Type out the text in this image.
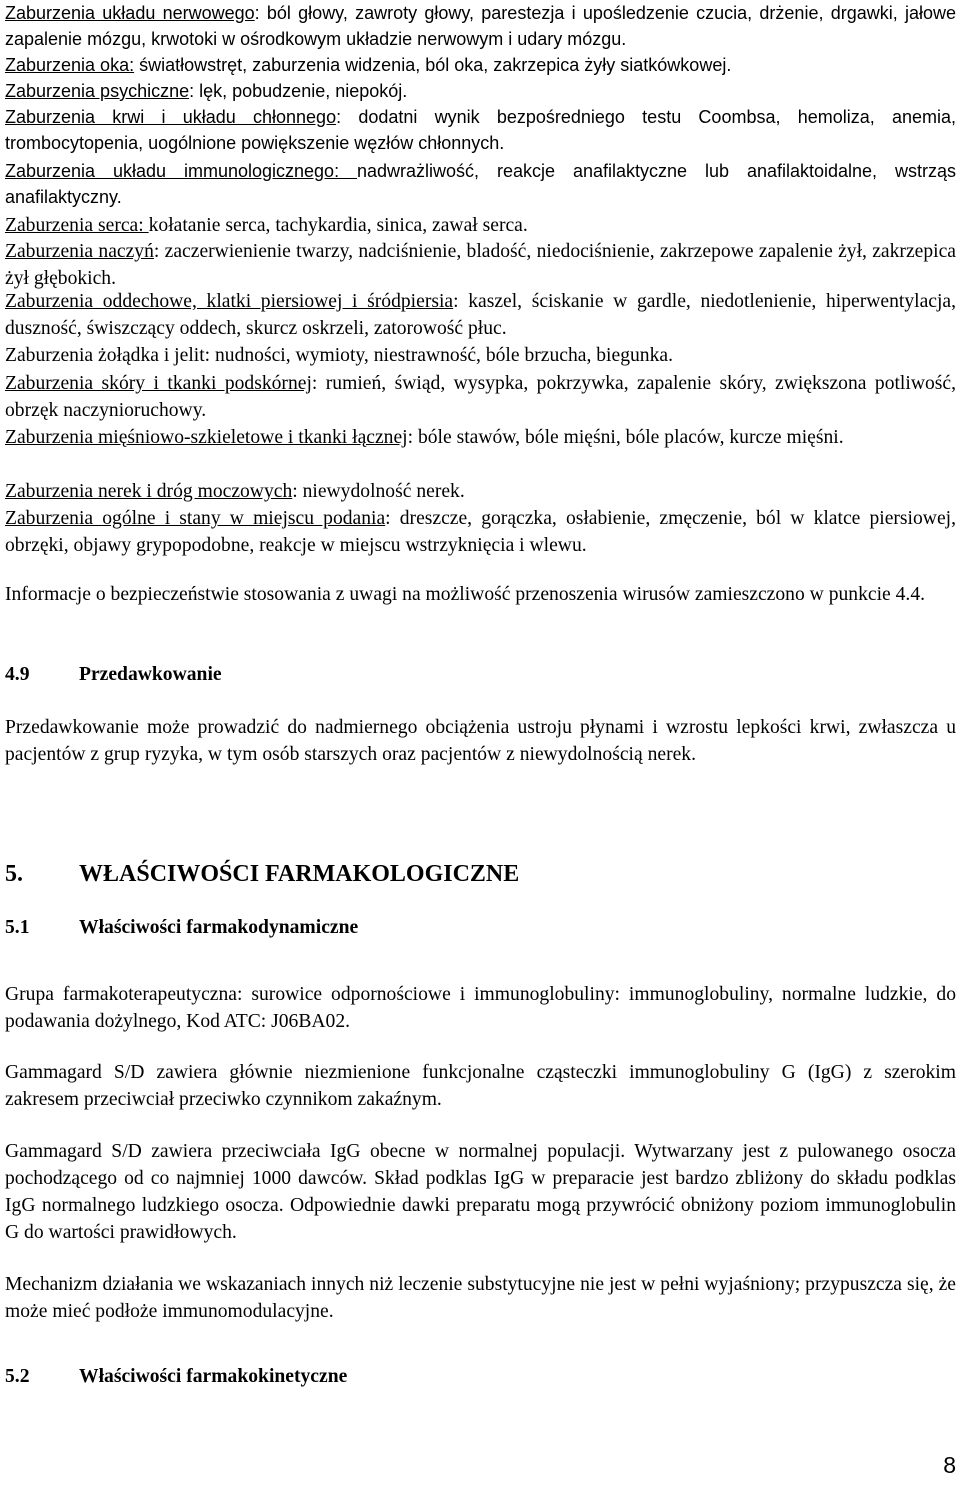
Zaburzenia układu nerwowego: ból głowy, zawroty głowy, parestezja i upośledzenie czucia, drżenie, drgawki, jałowe zapalenie mózgu, krwotoki w ośrodkowym układzie nerwowym i udary mózgu.

Zaburzenia oka: światłowstręt, zaburzenia widzenia, ból oka, zakrzepica żyły siatkówkowej.

Zaburzenia psychiczne: lęk, pobudzenie, niepokój.

Zaburzenia krwi i układu chłonnego: dodatni wynik bezpośredniego testu Coombsa, hemoliza, anemia, trombocytopenia, uogólnione powiększenie węzłów chłonnych.

Zaburzenia układu immunologicznego: nadwrażliwość, reakcje anafilaktyczne lub anafilaktoidalne, wstrząs anafilaktyczny.

Zaburzenia serca: kołatanie serca, tachykardia, sinica, zawał serca.

Zaburzenia naczyń: zaczerwienienie twarzy, nadciśnienie, bladość, niedociśnienie, zakrzepowe zapalenie żył, zakrzepica żył głębokich.

Zaburzenia oddechowe, klatki piersiowej i śródpiersia: kaszel, ściskanie w gardle, niedotlenienie, hiperwentylacja, duszność, świszczący oddech, skurcz oskrzeli, zatorowość płuc.

Zaburzenia żołądka i jelit: nudności, wymioty, niestrawność, bóle brzucha, biegunka.

Zaburzenia skóry i tkanki podskórnej: rumień, świąd, wysypka, pokrzywka, zapalenie skóry, zwiększona potliwość, obrzęk naczynioruchowy.

Zaburzenia mięśniowo-szkieletowe i tkanki łącznej: bóle stawów, bóle mięśni, bóle placów, kurcze mięśni.

Zaburzenia nerek i dróg moczowych: niewydolność nerek.

Zaburzenia ogólne i stany w miejscu podania: dreszcze, gorączka, osłabienie, zmęczenie, ból w klatce piersiowej, obrzęki, objawy grypopodobne, reakcje w miejscu wstrzyknięcia i wlewu.

Informacje o bezpieczeństwie stosowania z uwagi na możliwość przenoszenia wirusów zamieszczono w punkcie 4.4.

4.9	Przedawkowanie

Przedawkowanie może prowadzić do nadmiernego obciążenia ustroju płynami i wzrostu lepkości krwi, zwłaszcza u pacjentów z grup ryzyka, w tym osób starszych oraz pacjentów z niewydolnością nerek.

5. WŁAŚCIWOŚCI FARMAKOLOGICZNE

5.1	Właściwości farmakodynamiczne

Grupa farmakoterapeutyczna: surowice odpornościowe i immunoglobuliny: immunoglobuliny, normalne ludzkie, do podawania dożylnego, Kod ATC: J06BA02.

Gammagard S/D zawiera głównie niezmienione funkcjonalne cząsteczki immunoglobuliny G (IgG) z szerokim zakresem przeciwciał przeciwko czynnikom zakaźnym.

Gammagard S/D zawiera przeciwciała IgG obecne w normalnej populacji. Wytwarzany jest z pulowanego osocza pochodzącego od co najmniej 1000 dawców. Skład podklas IgG w preparacie jest bardzo zbliżony do składu podklas IgG normalnego ludzkiego osocza. Odpowiednie dawki preparatu mogą przywrócić obniżony poziom immunoglobulin G do wartości prawidłowych.

Mechanizm działania we wskazaniach innych niż leczenie substytucyjne nie jest w pełni wyjaśniony; przypuszcza się, że może mieć podłoże immunomodulacyjne.

5.2	Właściwości farmakokinetyczne

8
